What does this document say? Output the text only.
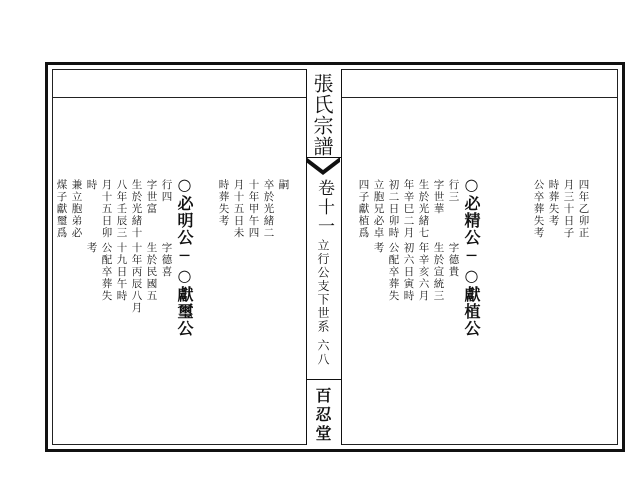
張氏宗譜
卷十一
立行公支下世系
六八
百忍堂
四年乙卯正
月三十日子
時葬失考
公卒葬失考
○必精公─○獻植公
行三
字德貴
字世華
生於宣統三
生於光緒七
年辛亥六月
年辛巳二月
初六日寅時
初二日卯時
公配卒葬失
立胞兄必卓
考
四子獻植爲
嗣
卒於光緒二
十年甲午四
月十五日未
時葬失考
○必明公─○獻璽公
行四
字德喜
字世富
生於民國五
生於光緒十
十年丙辰八月
八年壬辰三
十九日午時
月十五日卯
公配卒葬失
時
考
兼立胞弟必
煤子獻璽爲
